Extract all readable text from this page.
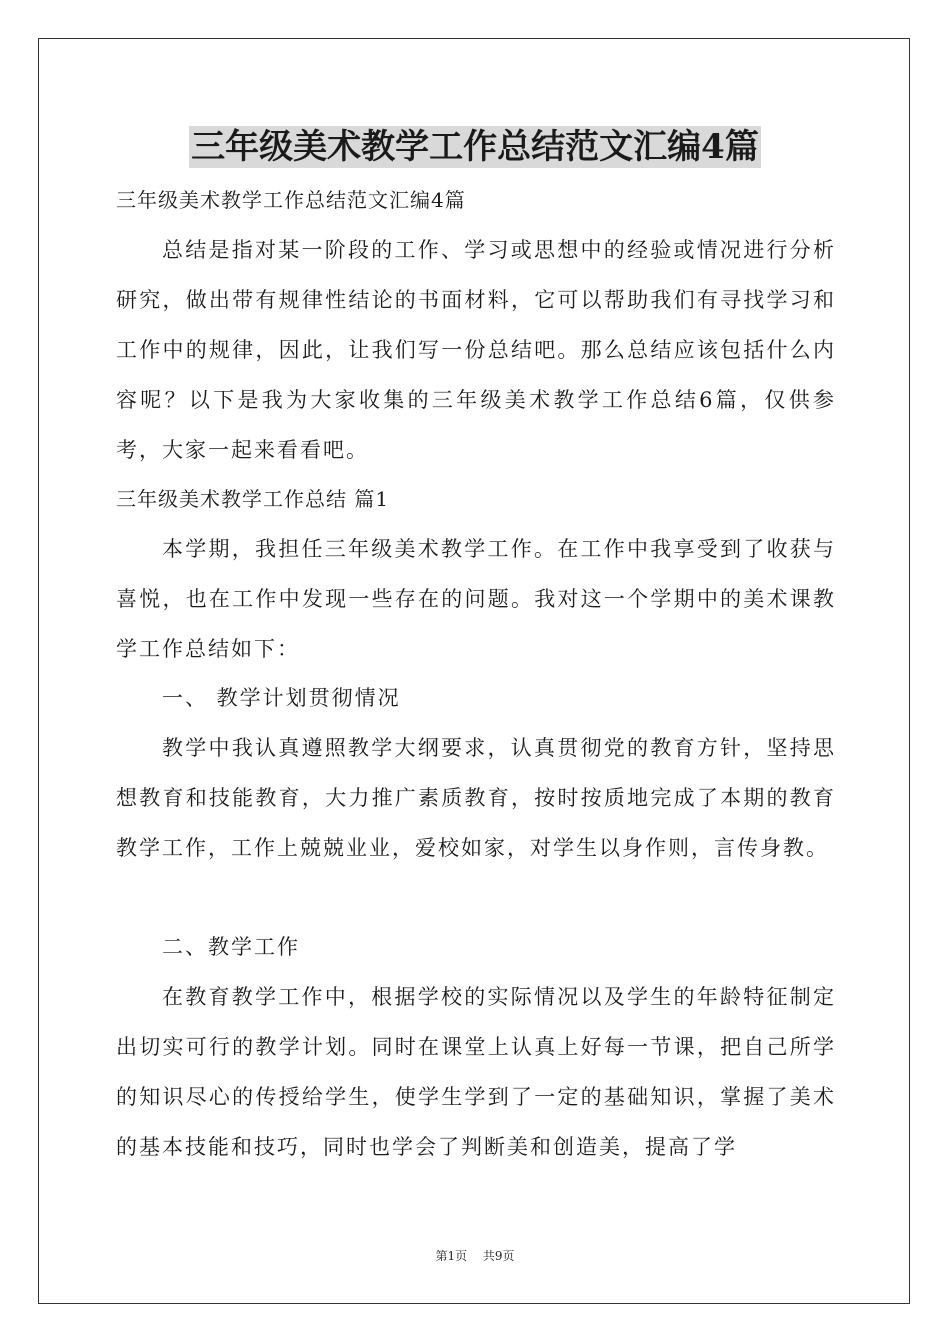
三年级美术教学工作总结范文汇编4篇

三年级美术教学工作总结范文汇编4篇

总结是指对某一阶段的工作、学习或思想中的经验或情况进行分析研究，做出带有规律性结论的书面材料，它可以帮助我们有寻找学习和工作中的规律，因此，让我们写一份总结吧。那么总结应该包括什么内容呢？以下是我为大家收集的三年级美术教学工作总结6篇，仅供参考，大家一起来看看吧。

三年级美术教学工作总结 篇1

本学期，我担任三年级美术教学工作。在工作中我享受到了收获与喜悦，也在工作中发现一些存在的问题。我对这一个学期中的美术课教学工作总结如下：

一、 教学计划贯彻情况

教学中我认真遵照教学大纲要求，认真贯彻党的教育方针，坚持思想教育和技能教育，大力推广素质教育，按时按质地完成了本期的教育教学工作，工作上兢兢业业，爱校如家，对学生以身作则，言传身教。

二、教学工作

在教育教学工作中，根据学校的实际情况以及学生的年龄特征制定出切实可行的教学计划。同时在课堂上认真上好每一节课，把自己所学的知识尽心的传授给学生，使学生学到了一定的基础知识，掌握了美术的基本技能和技巧，同时也学会了判断美和创造美，提高了学

第1页 共9页
